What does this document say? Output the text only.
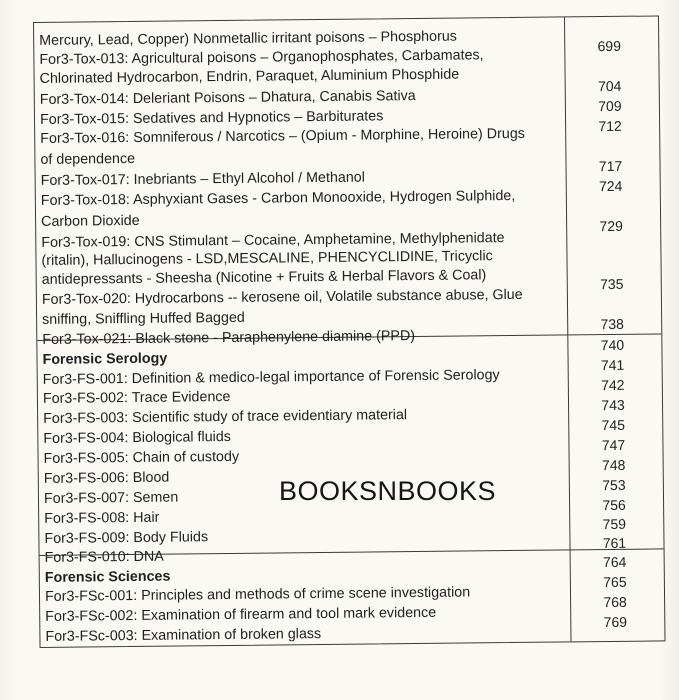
Mercury, Lead, Copper) Nonmetallic irritant poisons – Phosphorus
For3-Tox-013: Agricultural poisons – Organophosphates, Carbamates,
Chlorinated Hydrocarbon, Endrin, Paraquet, Aluminium Phosphide
For3-Tox-014: Deleriant Poisons – Dhatura, Canabis Sativa
For3-Tox-015: Sedatives and Hypnotics – Barbiturates
For3-Tox-016: Somniferous / Narcotics – (Opium - Morphine, Heroine) Drugs
of dependence
For3-Tox-017: Inebriants – Ethyl Alcohol / Methanol
For3-Tox-018: Asphyxiant Gases - Carbon Monooxide, Hydrogen Sulphide,
Carbon Dioxide
For3-Tox-019: CNS Stimulant – Cocaine, Amphetamine, Methylphenidate
(ritalin), Hallucinogens - LSD,MESCALINE, PHENCYCLIDINE, Tricyclic
antidepressants - Sheesha (Nicotine + Fruits & Herbal Flavors & Coal)
For3-Tox-020: Hydrocarbons -- kerosene oil, Volatile substance abuse, Glue
sniffing, Sniffling Huffed Bagged
For3-Tox-021: Black stone - Paraphenylene diamine (PPD)
Forensic Serology
For3-FS-001: Definition & medico-legal importance of Forensic Serology
For3-FS-002: Trace Evidence
For3-FS-003: Scientific study of trace evidentiary material
For3-FS-004: Biological fluids
For3-FS-005: Chain of custody
For3-FS-006: Blood
For3-FS-007: Semen
For3-FS-008: Hair
For3-FS-009: Body Fluids
For3-FS-010: DNA
Forensic Sciences
For3-FSc-001: Principles and methods of crime scene investigation
For3-FSc-002: Examination of firearm and tool mark evidence
For3-FSc-003: Examination of broken glass
699
704
709
712
717
724
729
735
738
740
741
742
743
745
747
748
753
756
759
761
764
765
768
769
BOOKSNBOOKS
